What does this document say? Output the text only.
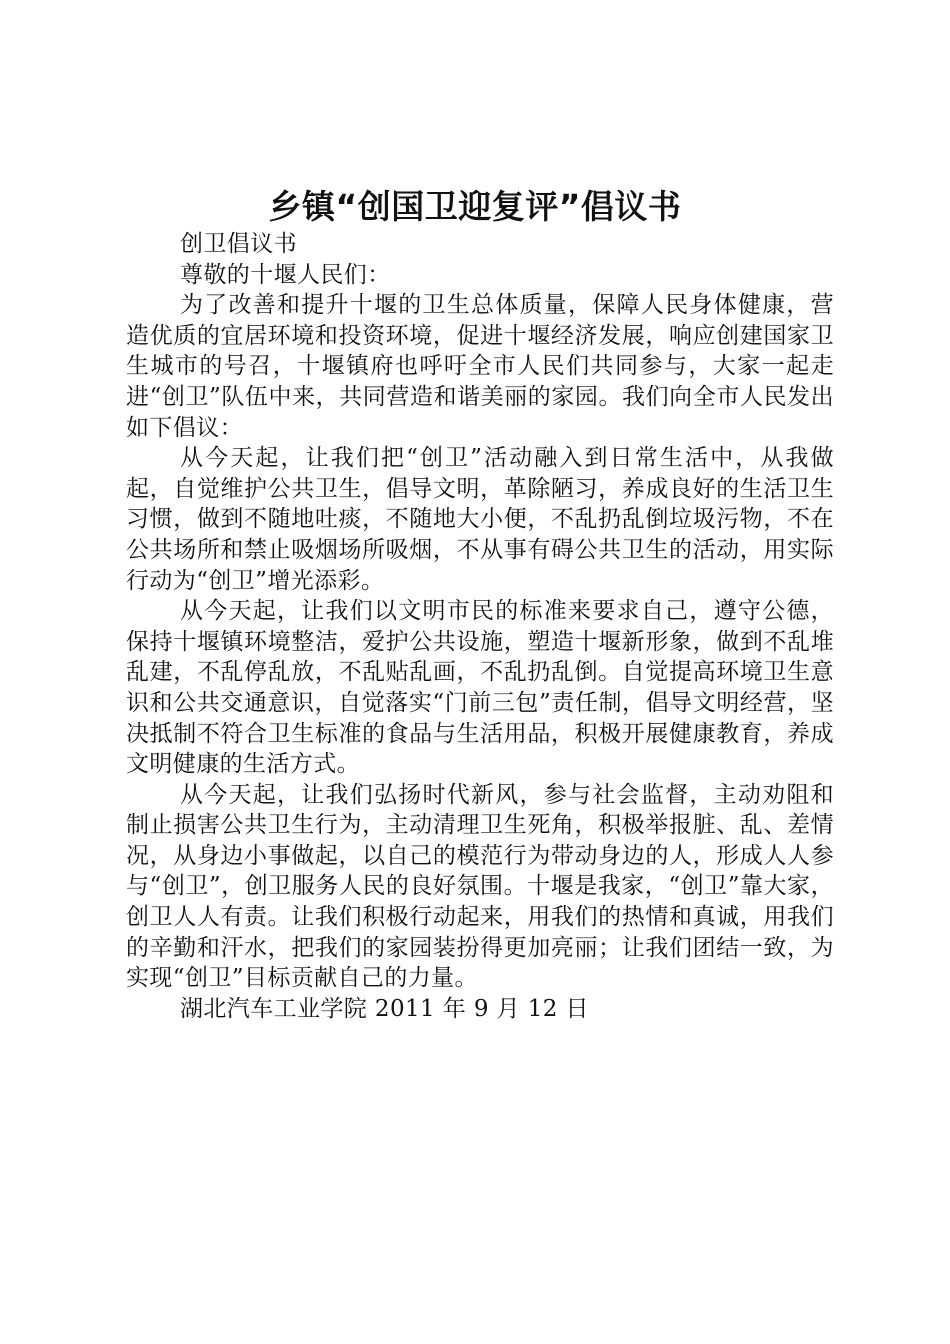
乡镇“创国卫迎复评”倡议书

创卫倡议书

尊敬的十堰人民们：

为了改善和提升十堰的卫生总体质量，保障人民身体健康，营造优质的宜居环境和投资环境，促进十堰经济发展，响应创建国家卫生城市的号召，十堰镇府也呼吁全市人民们共同参与，大家一起走进“创卫”队伍中来，共同营造和谐美丽的家园。我们向全市人民发出如下倡议：

从今天起，让我们把“创卫”活动融入到日常生活中，从我做起，自觉维护公共卫生，倡导文明，革除陋习，养成良好的生活卫生习惯，做到不随地吐痰，不随地大小便，不乱扔乱倒垃圾污物，不在公共场所和禁止吸烟场所吸烟，不从事有碍公共卫生的活动，用实际行动为“创卫”增光添彩。

从今天起，让我们以文明市民的标准来要求自己，遵守公德，保持十堰镇环境整洁，爱护公共设施，塑造十堰新形象，做到不乱堆乱建，不乱停乱放，不乱贴乱画，不乱扔乱倒。自觉提高环境卫生意识和公共交通意识，自觉落实“门前三包”责任制，倡导文明经营，坚决抵制不符合卫生标准的食品与生活用品，积极开展健康教育，养成文明健康的生活方式。

从今天起，让我们弘扬时代新风，参与社会监督，主动劝阻和制止损害公共卫生行为，主动清理卫生死角，积极举报脏、乱、差情况，从身边小事做起，以自己的模范行为带动身边的人，形成人人参与“创卫”，创卫服务人民的良好氛围。十堰是我家，“创卫”靠大家，创卫人人有责。让我们积极行动起来，用我们的热情和真诚，用我们的辛勤和汗水，把我们的家园装扮得更加亮丽；让我们团结一致，为实现“创卫”目标贡献自己的力量。

湖北汽车工业学院 2011 年 9 月 12 日
